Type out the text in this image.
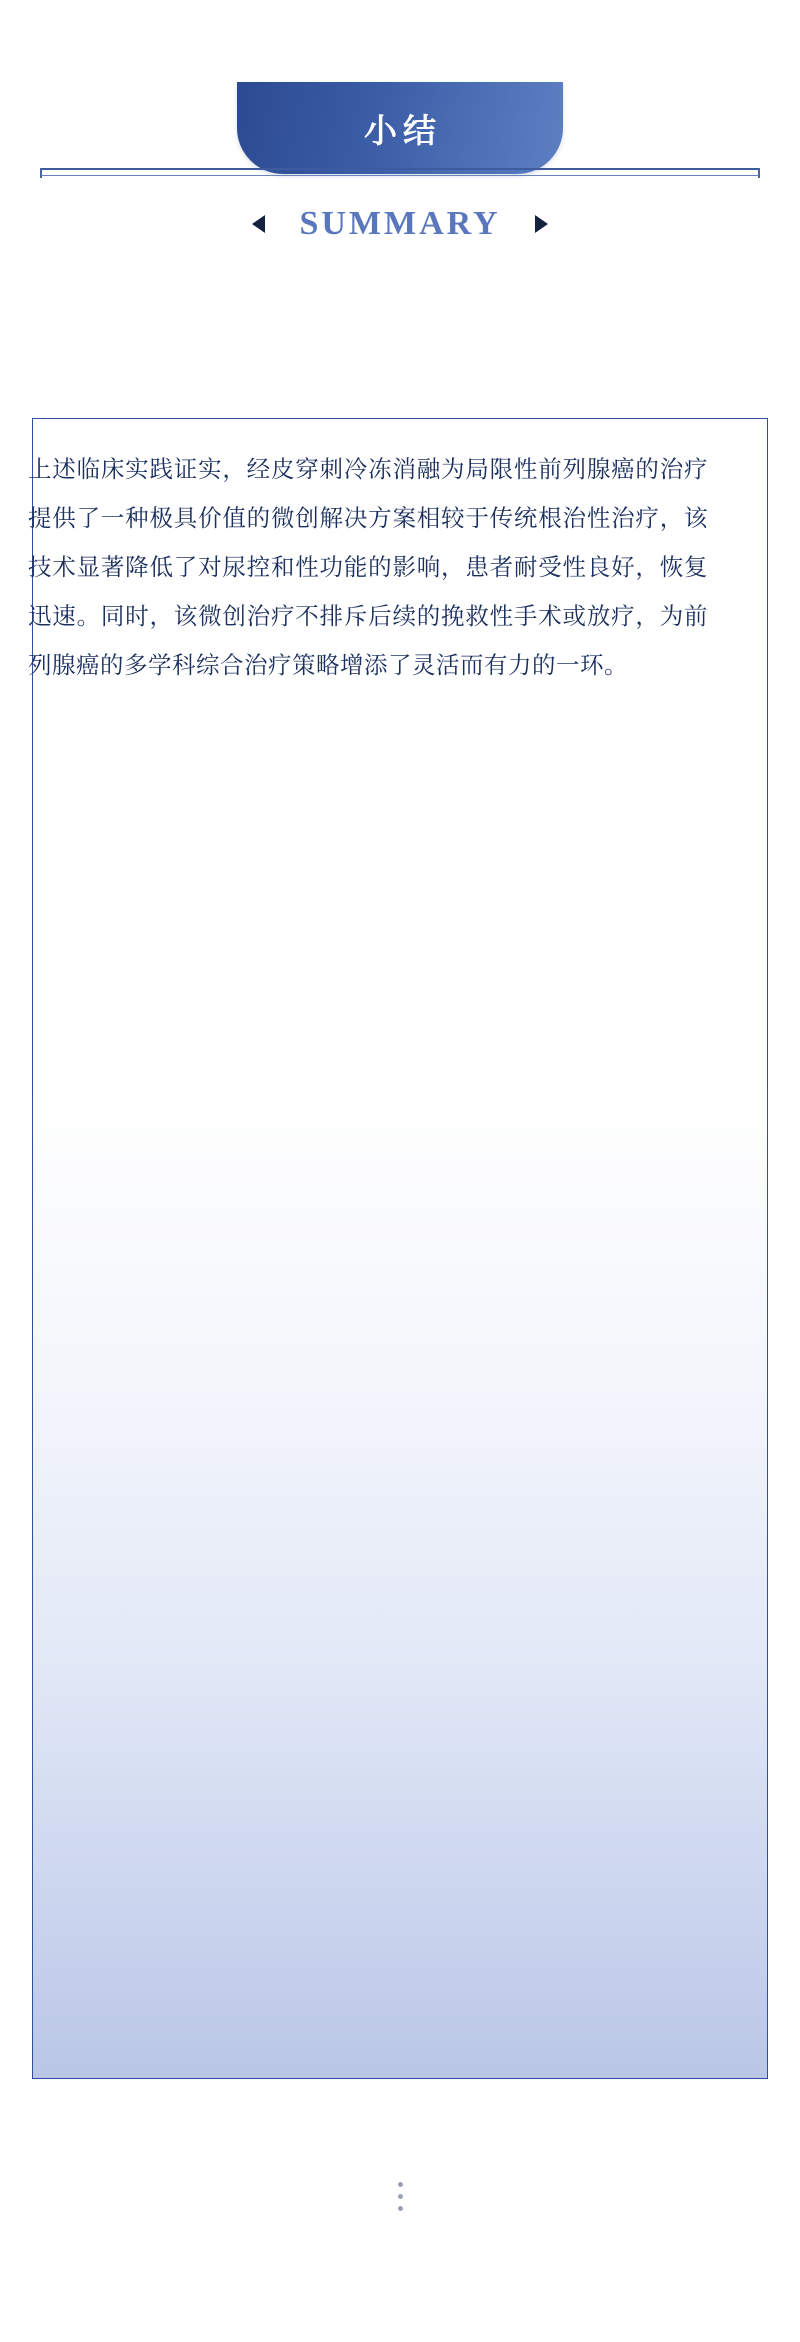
小结
SUMMARY
上述临床实践证实，经皮穿刺冷冻消融为局限性前列腺癌的治疗提供了一种极具价值的微创解决方案相较于传统根治性治疗，该技术显著降低了对尿控和性功能的影响，患者耐受性良好，恢复迅速。同时，该微创治疗不排斥后续的挽救性手术或放疗，为前列腺癌的多学科综合治疗策略增添了灵活而有力的一环。
